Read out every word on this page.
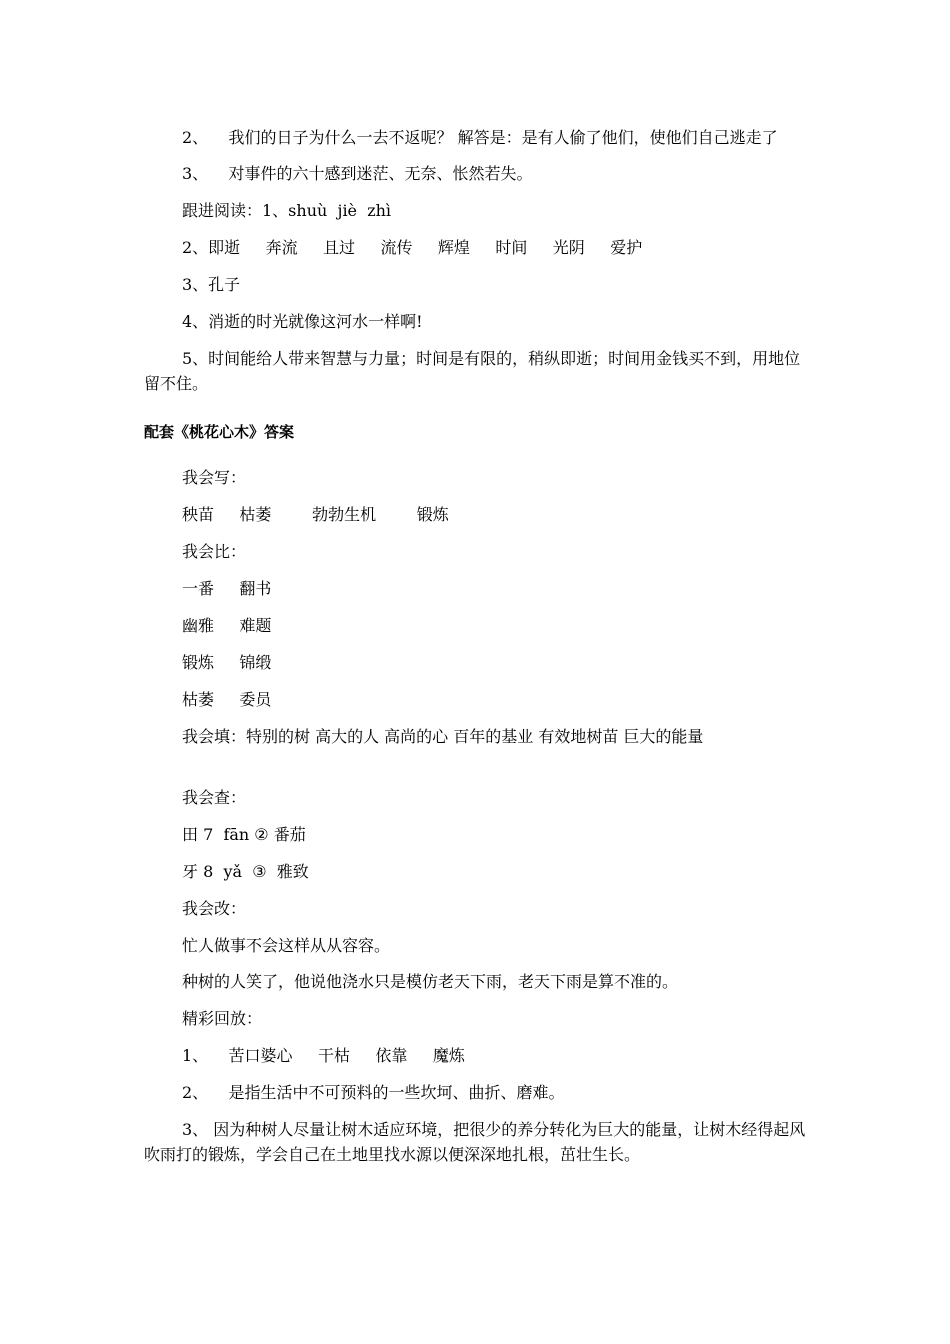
2、    我们的日子为什么一去不返呢？ 解答是：是有人偷了他们，使他们自己逃走了
3、    对事件的六十感到迷茫、无奈、怅然若失。
跟进阅读：1、shuù  jiè  zhì
2、即逝     奔流     且过     流传     辉煌     时间     光阴     爱护
3、孔子
4、消逝的时光就像这河水一样啊!
5、时间能给人带来智慧与力量；时间是有限的，稍纵即逝；时间用金钱买不到，用地位留不住。
配套《桃花心木》答案
我会写：
秧苗     枯萎        勃勃生机        锻炼
我会比：
一番     翻书
幽雅     难题
锻炼     锦缎
枯萎     委员
我会填：特别的树 高大的人 高尚的心 百年的基业 有效地树苗 巨大的能量
我会查：
田 7  fān ② 番茄
牙 8  yǎ  ③  雅致
我会改：
忙人做事不会这样从从容容。
种树的人笑了，他说他浇水只是模仿老天下雨，老天下雨是算不准的。
精彩回放：
1、    苦口婆心     干枯     依靠     魔炼
2、    是指生活中不可预料的一些坎坷、曲折、磨难。
3、 因为种树人尽量让树木适应环境，把很少的养分转化为巨大的能量，让树木经得起风吹雨打的锻炼，学会自己在土地里找水源以便深深地扎根，茁壮生长。
